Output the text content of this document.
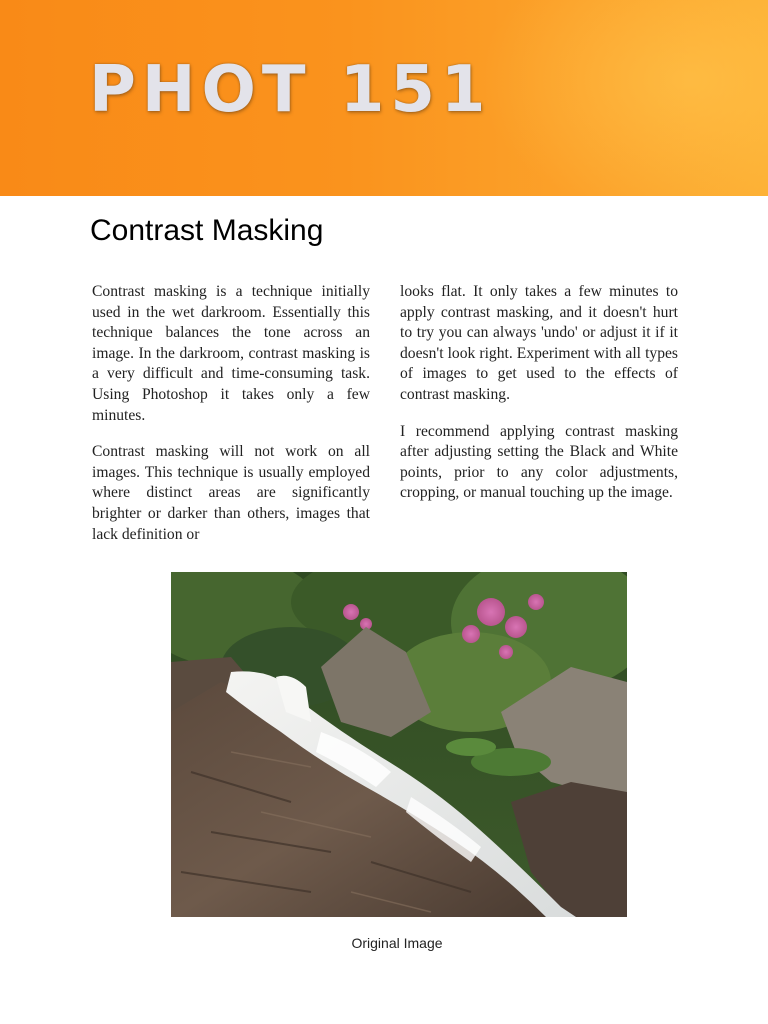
PHOT 151
Contrast Masking

Contrast masking is a technique initially used in the wet darkroom. Essentially this technique balances the tone across an image. In the darkroom, contrast masking is a very difficult and time-consuming task. Using Photoshop it takes only a few minutes.

Contrast masking will not work on all images. This technique is usually employed where distinct areas are significantly brighter or darker than others, images that lack definition or

looks flat. It only takes a few minutes to apply contrast masking, and it doesn't hurt to try you can always 'undo' or adjust it if it doesn't look right. Experiment with all types of images to get used to the effects of contrast masking.

I recommend applying contrast masking after adjusting setting the Black and White points, prior to any color adjustments, cropping, or manual touching up the image.

Original Image
